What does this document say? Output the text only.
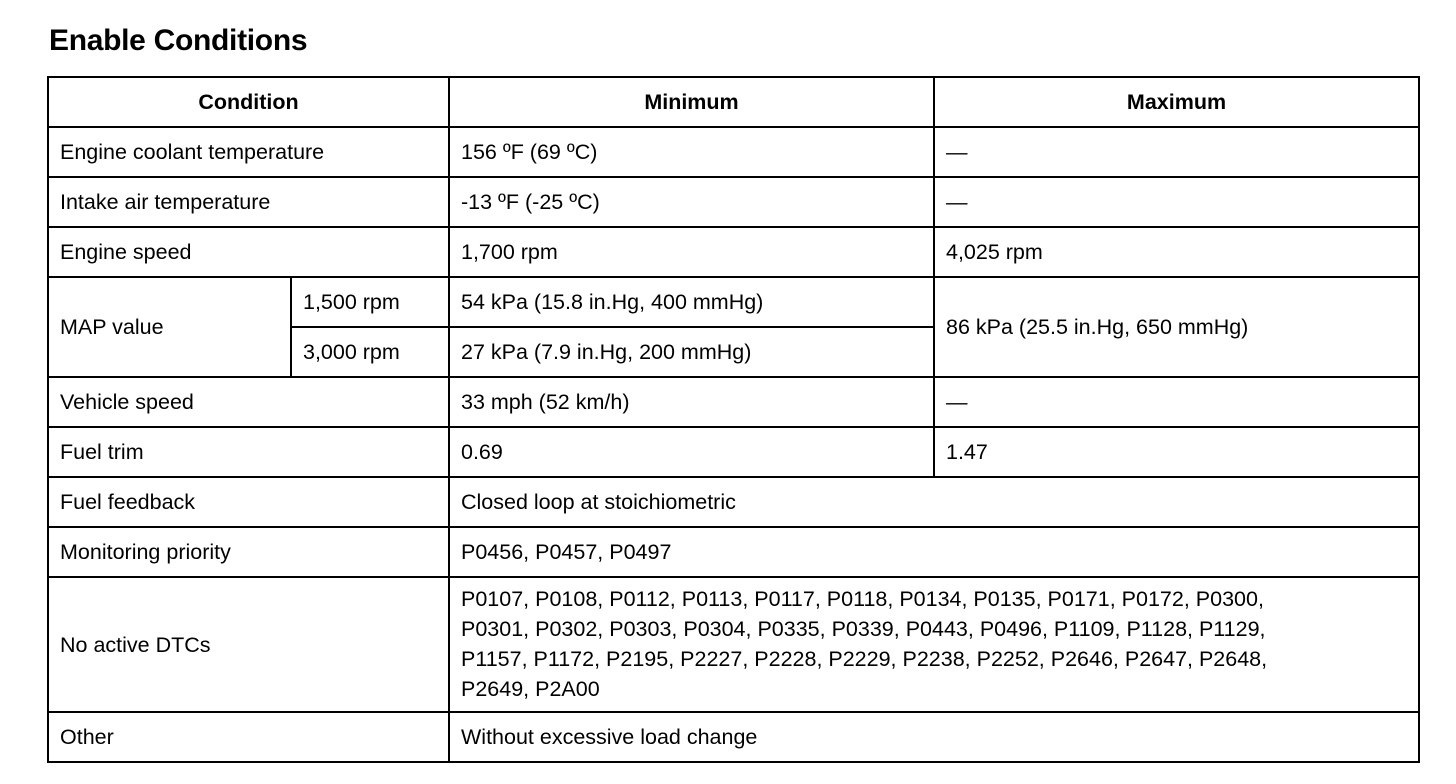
Enable Conditions
Condition		Minimum	Maximum
Engine coolant temperature		156 ºF (69 ºC)	—
Intake air temperature		-13 ºF (-25 ºC)	—
Engine speed		1,700 rpm	4,025 rpm
MAP value	1,500 rpm	54 kPa (15.8 in.Hg, 400 mmHg)	86 kPa (25.5 in.Hg, 650 mmHg)
	3,000 rpm	27 kPa (7.9 in.Hg, 200 mmHg)	
Vehicle speed		33 mph (52 km/h)	—
Fuel trim		0.69	1.47
Fuel feedback		Closed loop at stoichiometric	
Monitoring priority		P0456, P0457, P0497	
No active DTCs		P0107, P0108, P0112, P0113, P0117, P0118, P0134, P0135, P0171, P0172, P0300,
P0301, P0302, P0303, P0304, P0335, P0339, P0443, P0496, P1109, P1128, P1129,
P1157, P1172, P2195, P2227, P2228, P2229, P2238, P2252, P2646, P2647, P2648,
P2649, P2A00	

Other		Without excessive load change	
